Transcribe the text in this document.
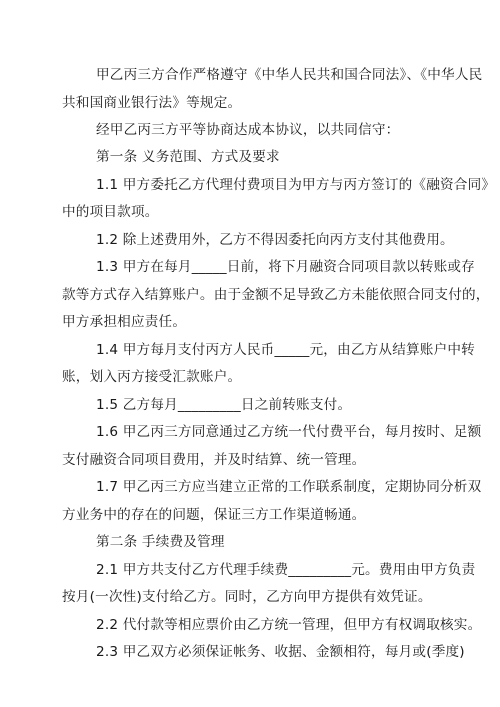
甲乙丙三方合作严格遵守《中华人民共和国合同法》、《中华人民
共和国商业银行法》等规定。
经甲乙丙三方平等协商达成本协议，以共同信守：
第一条 义务范围、方式及要求
1.1 甲方委托乙方代理付费项目为甲方与丙方签订的《融资合同》
中的项目款项。
1.2 除上述费用外，乙方不得因委托向丙方支付其他费用。
1.3 甲方在每月_____日前，将下月融资合同项目款以转账或存
款等方式存入结算账户。由于金额不足导致乙方未能依照合同支付的，
甲方承担相应责任。
1.4 甲方每月支付丙方人民币_____元，由乙方从结算账户中转
账，划入丙方接受汇款账户。
1.5 乙方每月_________日之前转账支付。
1.6 甲乙丙三方同意通过乙方统一代付费平台，每月按时、足额
支付融资合同项目费用，并及时结算、统一管理。
1.7 甲乙丙三方应当建立正常的工作联系制度，定期协同分析双
方业务中的存在的问题，保证三方工作渠道畅通。
第二条 手续费及管理
2.1 甲方共支付乙方代理手续费_________元。费用由甲方负责
按月(一次性)支付给乙方。同时，乙方向甲方提供有效凭证。
2.2 代付款等相应票价由乙方统一管理，但甲方有权调取核实。
2.3 甲乙双方必须保证帐务、收据、金额相符，每月或(季度)
